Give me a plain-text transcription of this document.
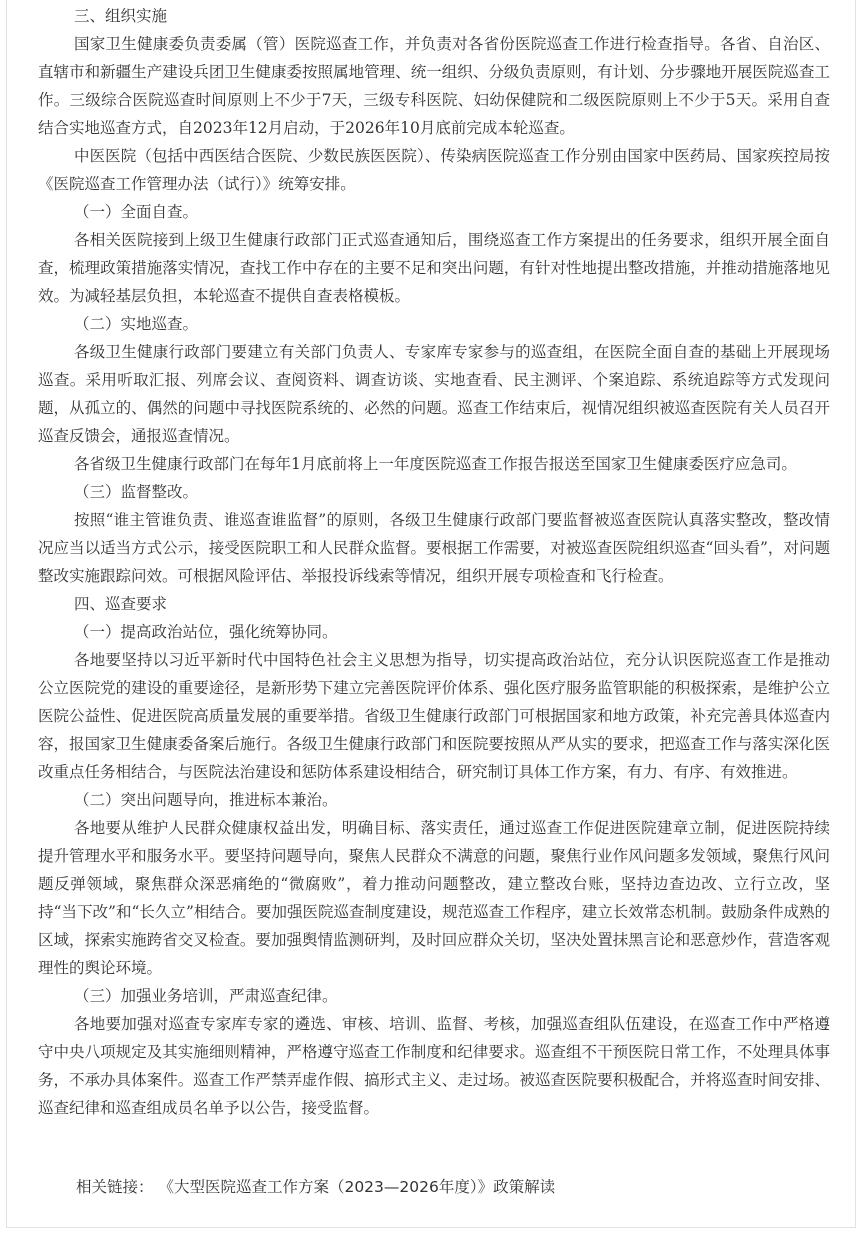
三、组织实施

国家卫生健康委负责委属（管）医院巡查工作，并负责对各省份医院巡查工作进行检查指导。各省、自治区、直辖市和新疆生产建设兵团卫生健康委按照属地管理、统一组织、分级负责原则，有计划、分步骤地开展医院巡查工作。三级综合医院巡查时间原则上不少于7天，三级专科医院、妇幼保健院和二级医院原则上不少于5天。采用自查结合实地巡查方式，自2023年12月启动，于2026年10月底前完成本轮巡查。

中医医院（包括中西医结合医院、少数民族医医院）、传染病医院巡查工作分别由国家中医药局、国家疾控局按《医院巡查工作管理办法（试行）》统筹安排。

（一）全面自查。

各相关医院接到上级卫生健康行政部门正式巡查通知后，围绕巡查工作方案提出的任务要求，组织开展全面自查，梳理政策措施落实情况，查找工作中存在的主要不足和突出问题，有针对性地提出整改措施，并推动措施落地见效。为减轻基层负担，本轮巡查不提供自查表格模板。

（二）实地巡查。

各级卫生健康行政部门要建立有关部门负责人、专家库专家参与的巡查组，在医院全面自查的基础上开展现场巡查。采用听取汇报、列席会议、查阅资料、调查访谈、实地查看、民主测评、个案追踪、系统追踪等方式发现问题，从孤立的、偶然的问题中寻找医院系统的、必然的问题。巡查工作结束后，视情况组织被巡查医院有关人员召开巡查反馈会，通报巡查情况。

各省级卫生健康行政部门在每年1月底前将上一年度医院巡查工作报告报送至国家卫生健康委医疗应急司。

（三）监督整改。

按照“谁主管谁负责、谁巡查谁监督”的原则，各级卫生健康行政部门要监督被巡查医院认真落实整改，整改情况应当以适当方式公示，接受医院职工和人民群众监督。要根据工作需要，对被巡查医院组织巡查“回头看”，对问题整改实施跟踪问效。可根据风险评估、举报投诉线索等情况，组织开展专项检查和飞行检查。

四、巡查要求
（一）提高政治站位，强化统筹协同。

各地要坚持以习近平新时代中国特色社会主义思想为指导，切实提高政治站位，充分认识医院巡查工作是推动公立医院党的建设的重要途径，是新形势下建立完善医院评价体系、强化医疗服务监管职能的积极探索，是维护公立医院公益性、促进医院高质量发展的重要举措。省级卫生健康行政部门可根据国家和地方政策，补充完善具体巡查内容，报国家卫生健康委备案后施行。各级卫生健康行政部门和医院要按照从严从实的要求，把巡查工作与落实深化医改重点任务相结合，与医院法治建设和惩防体系建设相结合，研究制订具体工作方案，有力、有序、有效推进。

（二）突出问题导向，推进标本兼治。

各地要从维护人民群众健康权益出发，明确目标、落实责任，通过巡查工作促进医院建章立制，促进医院持续提升管理水平和服务水平。要坚持问题导向，聚焦人民群众不满意的问题，聚焦行业作风问题多发领域，聚焦行风问题反弹领域，聚焦群众深恶痛绝的“微腐败”，着力推动问题整改，建立整改台账，坚持边查边改、立行立改，坚持“当下改”和“长久立”相结合。要加强医院巡查制度建设，规范巡查工作程序，建立长效常态机制。鼓励条件成熟的区域，探索实施跨省交叉检查。要加强舆情监测研判，及时回应群众关切，坚决处置抹黑言论和恶意炒作，营造客观理性的舆论环境。

（三）加强业务培训，严肃巡查纪律。

各地要加强对巡查专家库专家的遴选、审核、培训、监督、考核，加强巡查组队伍建设，在巡查工作中严格遵守中央八项规定及其实施细则精神，严格遵守巡查工作制度和纪律要求。巡查组不干预医院日常工作，不处理具体事务，不承办具体案件。巡查工作严禁弄虚作假、搞形式主义、走过场。被巡查医院要积极配合，并将巡查时间安排、巡查纪律和巡查组成员名单予以公告，接受监督。

相关链接： 《大型医院巡查工作方案（2023—2026年度）》政策解读
